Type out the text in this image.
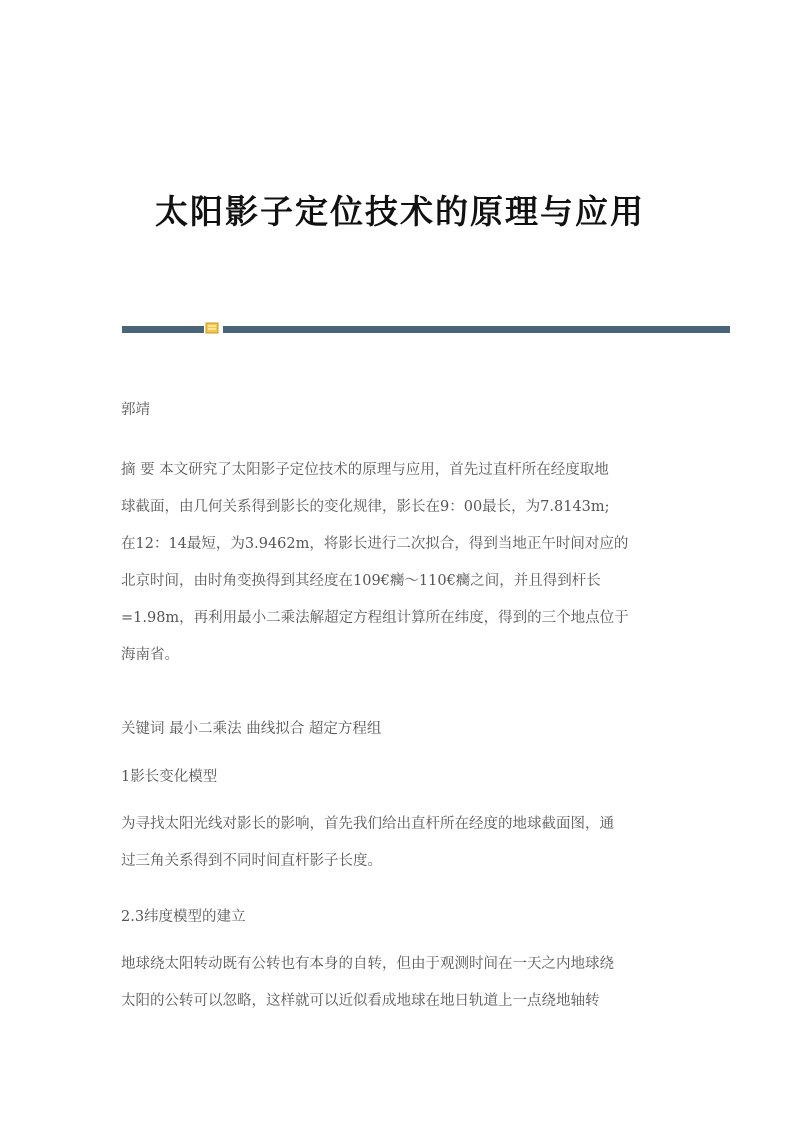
太阳影子定位技术的原理与应用

郭靖

摘 要 本文研究了太阳影子定位技术的原理与应用，首先过直杆所在经度取地
球截面，由几何关系得到影长的变化规律，影长在9：00最长，为7.8143m;
在12：14最短，为3.9462m，将影长进行二次拟合，得到当地正午时间对应的
北京时间，由时角变换得到其经度在109€癵～110€癵之间，并且得到杆长
=1.98m，再利用最小二乘法解超定方程组计算所在纬度，得到的三个地点位于
海南省。

关键词 最小二乘法 曲线拟合 超定方程组

1影长变化模型

为寻找太阳光线对影长的影响，首先我们给出直杆所在经度的地球截面图，通
过三角关系得到不同时间直杆影子长度。

2.3纬度模型的建立

地球绕太阳转动既有公转也有本身的自转，但由于观测时间在一天之内地球绕
太阳的公转可以忽略，这样就可以近似看成地球在地日轨道上一点绕地轴转
